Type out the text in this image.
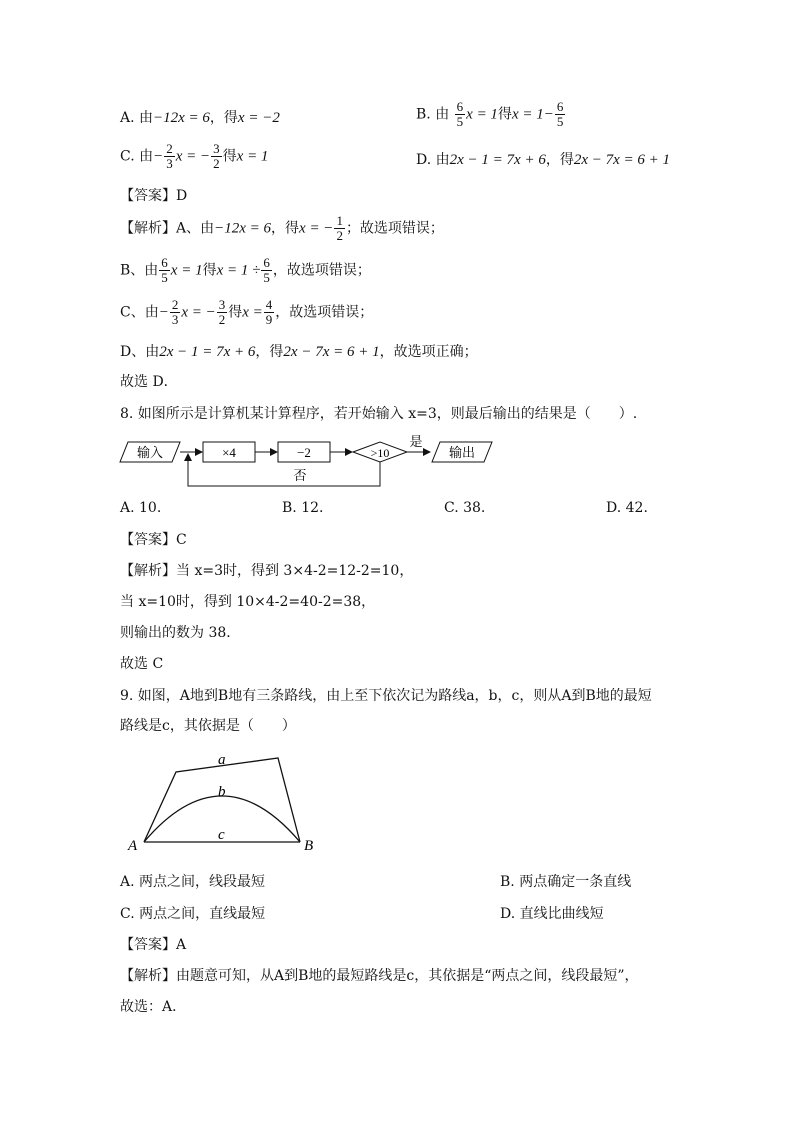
A. 由−12x = 6，得x = −2	B. 由 $\frac{6}{5}$ x = 1得$x = 1- \frac{6}{5}$
C. 由− $\frac{2}{3}$ x = − $\frac{3}{2}$ 得x = 1	D. 由2x − 1 = 7x + 6，得2x − 7x = 6 + 1
【答案】D
【解析】A、由−12x = 6，得x = − $\frac{1}{2}$ ；故选项错误；
B、由 $\frac{6}{5}$ x = 1得$x = 1 \div \frac{6}{5}$ ，故选项错误；
C、由− $\frac{2}{3}$ x = − $\frac{3}{2}$ 得$x = \frac{4}{9}$ ，故选项错误；
D、由2x − 1 = 7x + 6，得2x − 7x = 6 + 1，故选项正确；
故选 D．
8. 如图所示是计算机某计算程序，若开始输入 x=3，则最后输出的结果是（　　）.
输入	×4	−2	>10
是
输出
否
A. 10.	B. 12.	C. 38.	D. 42.
【答案】C
【解析】当 x=3时，得到 3×4-2=12-2=10，
当 x=10时，得到 10×4-2=40-2=38，
则输出的数为 38．
故选 C
9. 如图，A地到B地有三条路线，由上至下依次记为路线a，b，c，则从A到B地的最短
路线是c，其依据是（　　）
a
b
c
A	B
A. 两点之间，线段最短	B. 两点确定一条直线
C. 两点之间，直线最短	D. 直线比曲线短
【答案】A
【解析】由题意可知，从A到B地的最短路线是c，其依据是“两点之间，线段最短”，
故选：A．
